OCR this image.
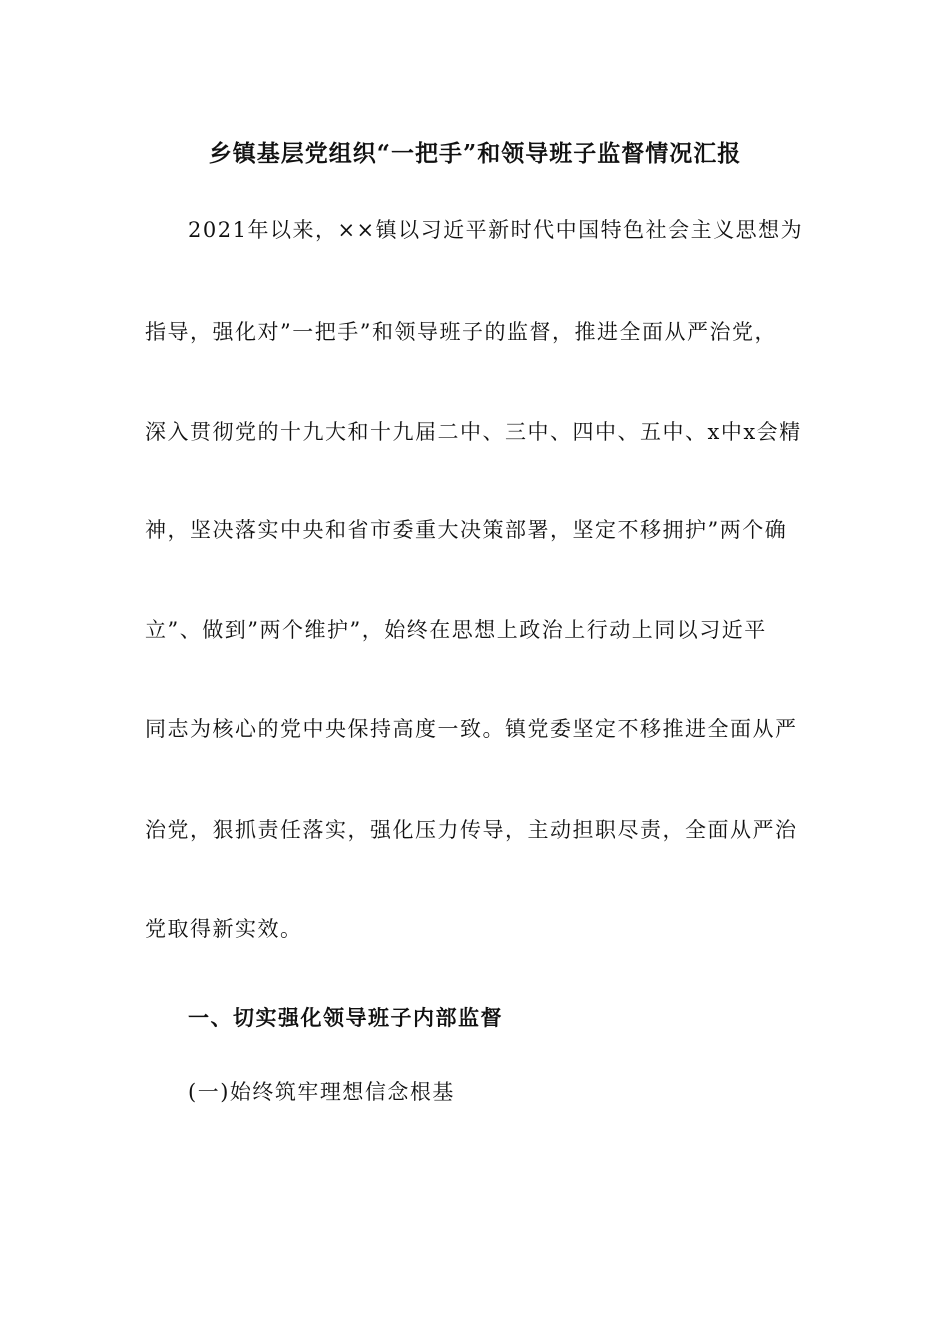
乡镇基层党组织“一把手”和领导班子监督情况汇报
2021年以来，××镇以习近平新时代中国特色社会主义思想为
指导，强化对”一把手”和领导班子的监督，推进全面从严治党，
深入贯彻党的十九大和十九届二中、三中、四中、五中、x中x会精
神，坚决落实中央和省市委重大决策部署，坚定不移拥护”两个确
立”、做到”两个维护”，始终在思想上政治上行动上同以习近平
同志为核心的党中央保持高度一致。镇党委坚定不移推进全面从严
治党，狠抓责任落实，强化压力传导，主动担职尽责，全面从严治
党取得新实效。
一、切实强化领导班子内部监督
(一)始终筑牢理想信念根基
